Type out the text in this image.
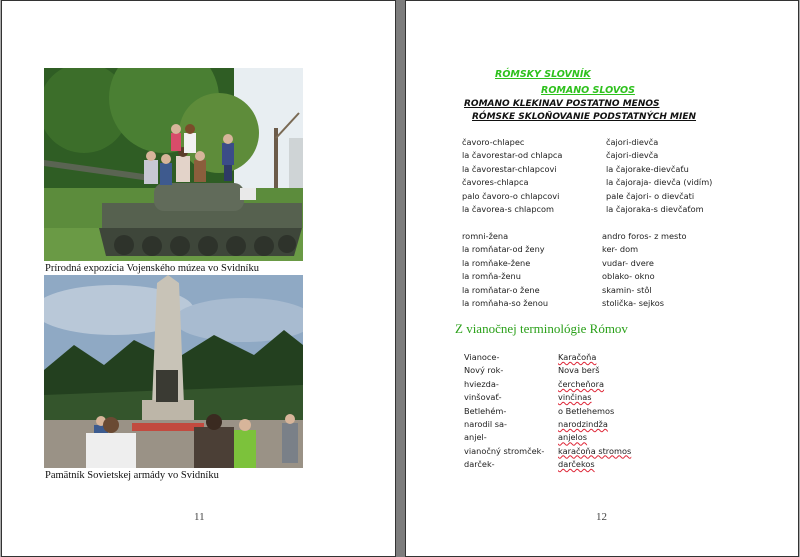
Prírodná expozícia Vojenského múzea vo Svidníku
Pamätník Sovietskej armády vo Svidníku
11
RÓMSKY SLOVNÍK
ROMANO SLOVOS
ROMANO KLEKINAV POSTATNO MENOS
RÓMSKE SKLOŇOVANIE PODSTATNÝCH MIEN
čavoro-chlapec
la čavorestar-od chlapca
la čavorestar-chlapcovi
čavores-chlapca
palo čavoro-o chlapcovi
la čavorea-s chlapcom
čajori-dievča
čajori-dievča
la čajorake-dievčaťu
la čajoraja- dievča (vidím)
pale čajori- o dievčati
la čajoraka-s dievčaťom
romni-žena
la romňatar-od ženy
la romňake-žene
la romňa-ženu
la romňatar-o žene
la romňaha-so ženou
andro foros- z mesto
ker- dom
vudar- dvere
oblako- okno
skamin- stôl
stolička- sejkos
Z vianočnej terminológie Rómov
Vianoce-
Nový rok-
hviezda-
vinšovať-
Betlehém-
narodil sa-
anjel-
vianočný stromček-
darček-
Karačoňa
Nova berš
čercheňora
vinčinas
o Betlehemos
narodzindža
anjelos
karačoňa stromos
darčekos
12
